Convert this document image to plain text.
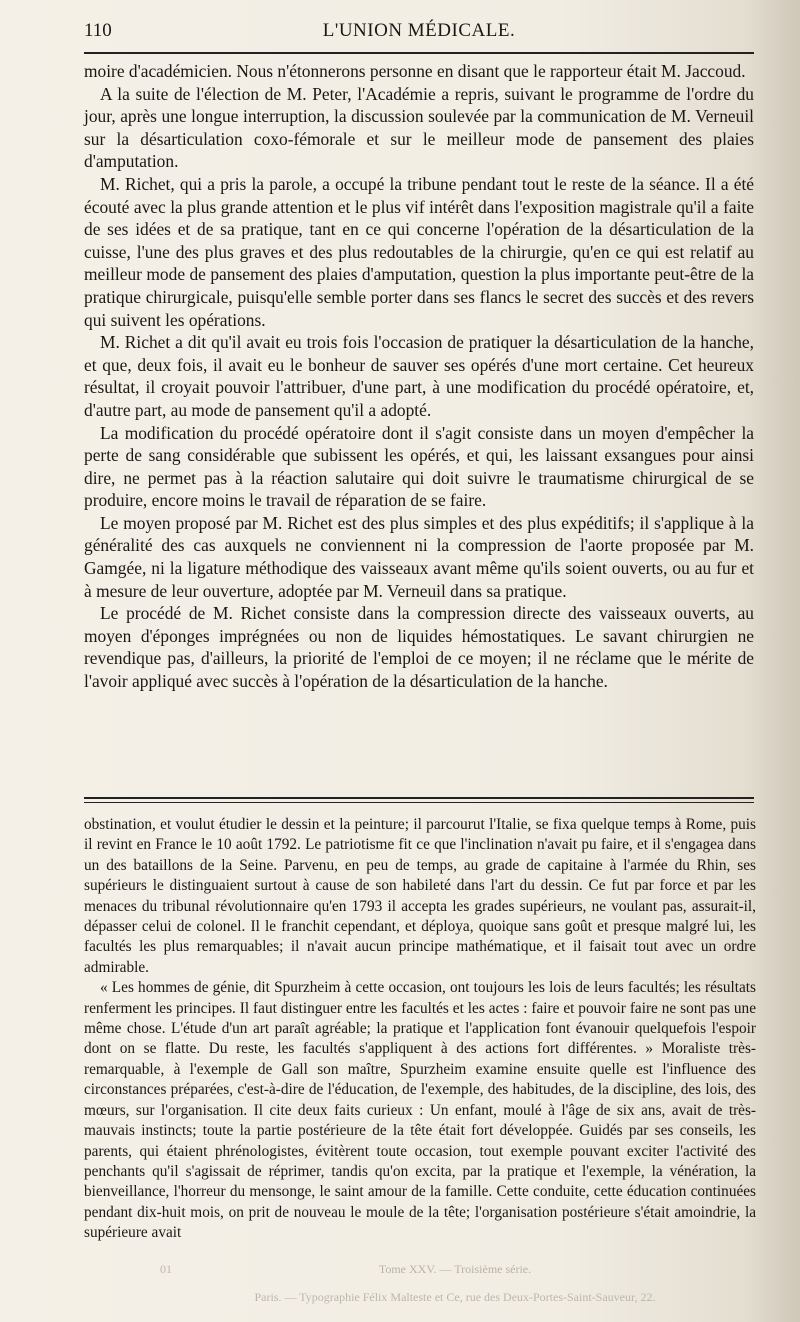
110	L'UNION MÉDICALE.

moire d'académicien. Nous n'étonnerons personne en disant que le rapporteur était M. Jaccoud.

A la suite de l'élection de M. Peter, l'Académie a repris, suivant le programme de l'ordre du jour, après une longue interruption, la discussion soulevée par la communication de M. Verneuil sur la désarticulation coxo-fémorale et sur le meilleur mode de pansement des plaies d'amputation.

M. Richet, qui a pris la parole, a occupé la tribune pendant tout le reste de la séance. Il a été écouté avec la plus grande attention et le plus vif intérêt dans l'exposition magistrale qu'il a faite de ses idées et de sa pratique, tant en ce qui concerne l'opération de la désarticulation de la cuisse, l'une des plus graves et des plus redoutables de la chirurgie, qu'en ce qui est relatif au meilleur mode de pansement des plaies d'amputation, question la plus importante peut-être de la pratique chirurgicale, puisqu'elle semble porter dans ses flancs le secret des succès et des revers qui suivent les opérations.

M. Richet a dit qu'il avait eu trois fois l'occasion de pratiquer la désarticulation de la hanche, et que, deux fois, il avait eu le bonheur de sauver ses opérés d'une mort certaine. Cet heureux résultat, il croyait pouvoir l'attribuer, d'une part, à une modification du procédé opératoire, et, d'autre part, au mode de pansement qu'il a adopté.

La modification du procédé opératoire dont il s'agit consiste dans un moyen d'empêcher la perte de sang considérable que subissent les opérés, et qui, les laissant exsangues pour ainsi dire, ne permet pas à la réaction salutaire qui doit suivre le traumatisme chirurgical de se produire, encore moins le travail de réparation de se faire.

Le moyen proposé par M. Richet est des plus simples et des plus expéditifs; il s'applique à la généralité des cas auxquels ne conviennent ni la compression de l'aorte proposée par M. Gamgée, ni la ligature méthodique des vaisseaux avant même qu'ils soient ouverts, ou au fur et à mesure de leur ouverture, adoptée par M. Verneuil dans sa pratique.

Le procédé de M. Richet consiste dans la compression directe des vaisseaux ouverts, au moyen d'éponges imprégnées ou non de liquides hémostatiques. Le savant chirurgien ne revendique pas, d'ailleurs, la priorité de l'emploi de ce moyen; il ne réclame que le mérite de l'avoir appliqué avec succès à l'opération de la désarticulation de la hanche.

obstination, et voulut étudier le dessin et la peinture; il parcourut l'Italie, se fixa quelque temps à Rome, puis il revint en France le 10 août 1792. Le patriotisme fit ce que l'inclination n'avait pu faire, et il s'engagea dans un des bataillons de la Seine. Parvenu, en peu de temps, au grade de capitaine à l'armée du Rhin, ses supérieurs le distinguaient surtout à cause de son habileté dans l'art du dessin. Ce fut par force et par les menaces du tribunal révolutionnaire qu'en 1793 il accepta les grades supérieurs, ne voulant pas, assurait-il, dépasser celui de colonel. Il le franchit cependant, et déploya, quoique sans goût et presque malgré lui, les facultés les plus remarquables; il n'avait aucun principe mathématique, et il faisait tout avec un ordre admirable.

« Les hommes de génie, dit Spurzheim à cette occasion, ont toujours les lois de leurs facultés; les résultats renferment les principes. Il faut distinguer entre les facultés et les actes : faire et pouvoir faire ne sont pas une même chose. L'étude d'un art paraît agréable; la pratique et l'application font évanouir quelquefois l'espoir dont on se flatte. Du reste, les facultés s'appliquent à des actions fort différentes. » Moraliste très-remarquable, à l'exemple de Gall son maître, Spurzheim examine ensuite quelle est l'influence des circonstances préparées, c'est-à-dire de l'éducation, de l'exemple, des habitudes, de la discipline, des lois, des mœurs, sur l'organisation. Il cite deux faits curieux : Un enfant, moulé à l'âge de six ans, avait de très-mauvais instincts; toute la partie postérieure de la tête était fort développée. Guidés par ses conseils, les parents, qui étaient phrénologistes, évitèrent toute occasion, tout exemple pouvant exciter l'activité des penchants qu'il s'agissait de réprimer, tandis qu'on excita, par la pratique et l'exemple, la vénération, la bienveillance, l'horreur du mensonge, le saint amour de la famille. Cette conduite, cette éducation continuées pendant dix-huit mois, on prit de nouveau le moule de la tête; l'organisation postérieure s'était amoindrie, la supérieure avait

01	Tome XXV. — Troisième série.
Paris. — Typographie Félix Malteste et Ce, rue des Deux-Portes-Saint-Sauveur, 22.
